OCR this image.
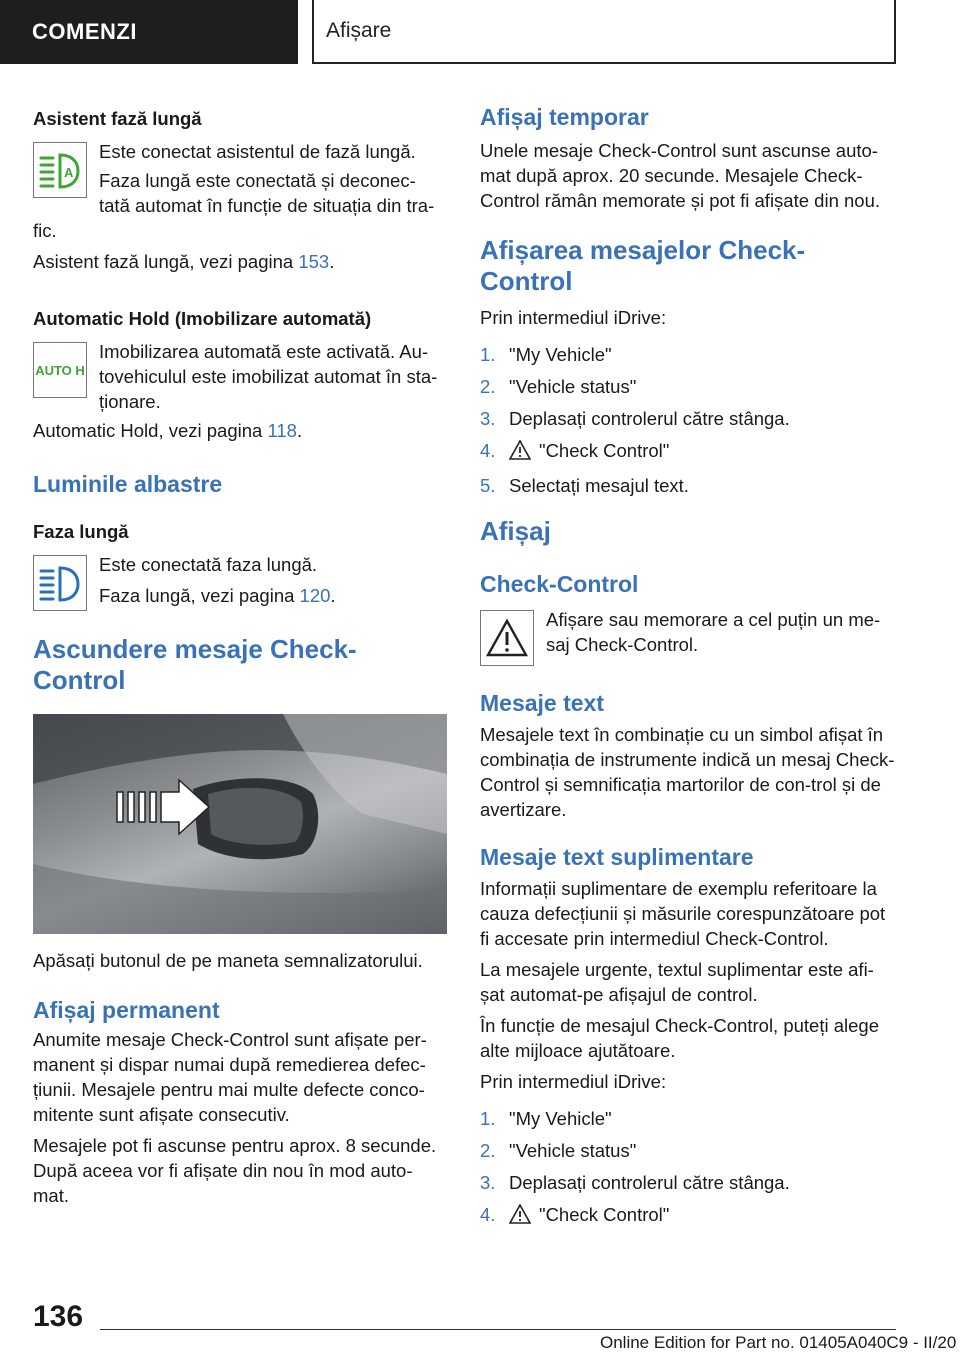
COMENZI	Afișare
Asistent fază lungă
A

Este conectat asistentul de fază lungă.

Faza lungă este conectată și deconec-

tată automat în funcție de situația din tra-

fic.

Asistent fază lungă, vezi pagina 153.

Automatic Hold (Imobilizare automată)
AUTO H

Imobilizarea automată este activată. Au-

tovehiculul este imobilizat automat în sta-

ționare.

Automatic Hold, vezi pagina 118.

Luminile albastre
Faza lungă

Este conectată faza lungă.

Faza lungă, vezi pagina 120.

Ascundere mesaje Check-Control

Apăsați butonul de pe maneta semnalizatorului.

Afișaj permanent

Anumite mesaje Check-Control sunt afișate per-manent și dispar numai după remedierea defec-țiunii. Mesajele pentru mai multe defecte conco-mitente sunt afișate consecutiv.

Mesajele pot fi ascunse pentru aprox. 8 secunde. După aceea vor fi afișate din nou în mod auto-mat.

Afișaj temporar

Unele mesaje Check-Control sunt ascunse auto-mat după aprox. 20 secunde. Mesajele Check-Control rămân memorate și pot fi afișate din nou.

Afișarea mesajelor Check-Control

Prin intermediul iDrive:

1. "My Vehicle"
2. "Vehicle status"
3. Deplasați controlerul către stânga.
4.	"Check Control"
5. Selectați mesajul text.
Afișaj
Check-Control

Afișare sau memorare a cel puțin un me-saj Check-Control.

Mesaje text

Mesajele text în combinație cu un simbol afișat în combinația de instrumente indică un mesaj Check-Control și semnificația martorilor de con-trol și de avertizare.

Mesaje text suplimentare

Informații suplimentare de exemplu referitoare la cauza defecțiunii și măsurile corespunzătoare pot fi accesate prin intermediul Check-Control.

La mesajele urgente, textul suplimentar este afi-șat automat-pe afișajul de control.

În funcție de mesajul Check-Control, puteți alege alte mijloace ajutătoare.

Prin intermediul iDrive:

1. "My Vehicle"
2. "Vehicle status"
3. Deplasați controlerul către stânga.
4.	"Check Control"
136
Online Edition for Part no. 01405A040C9 - II/20
